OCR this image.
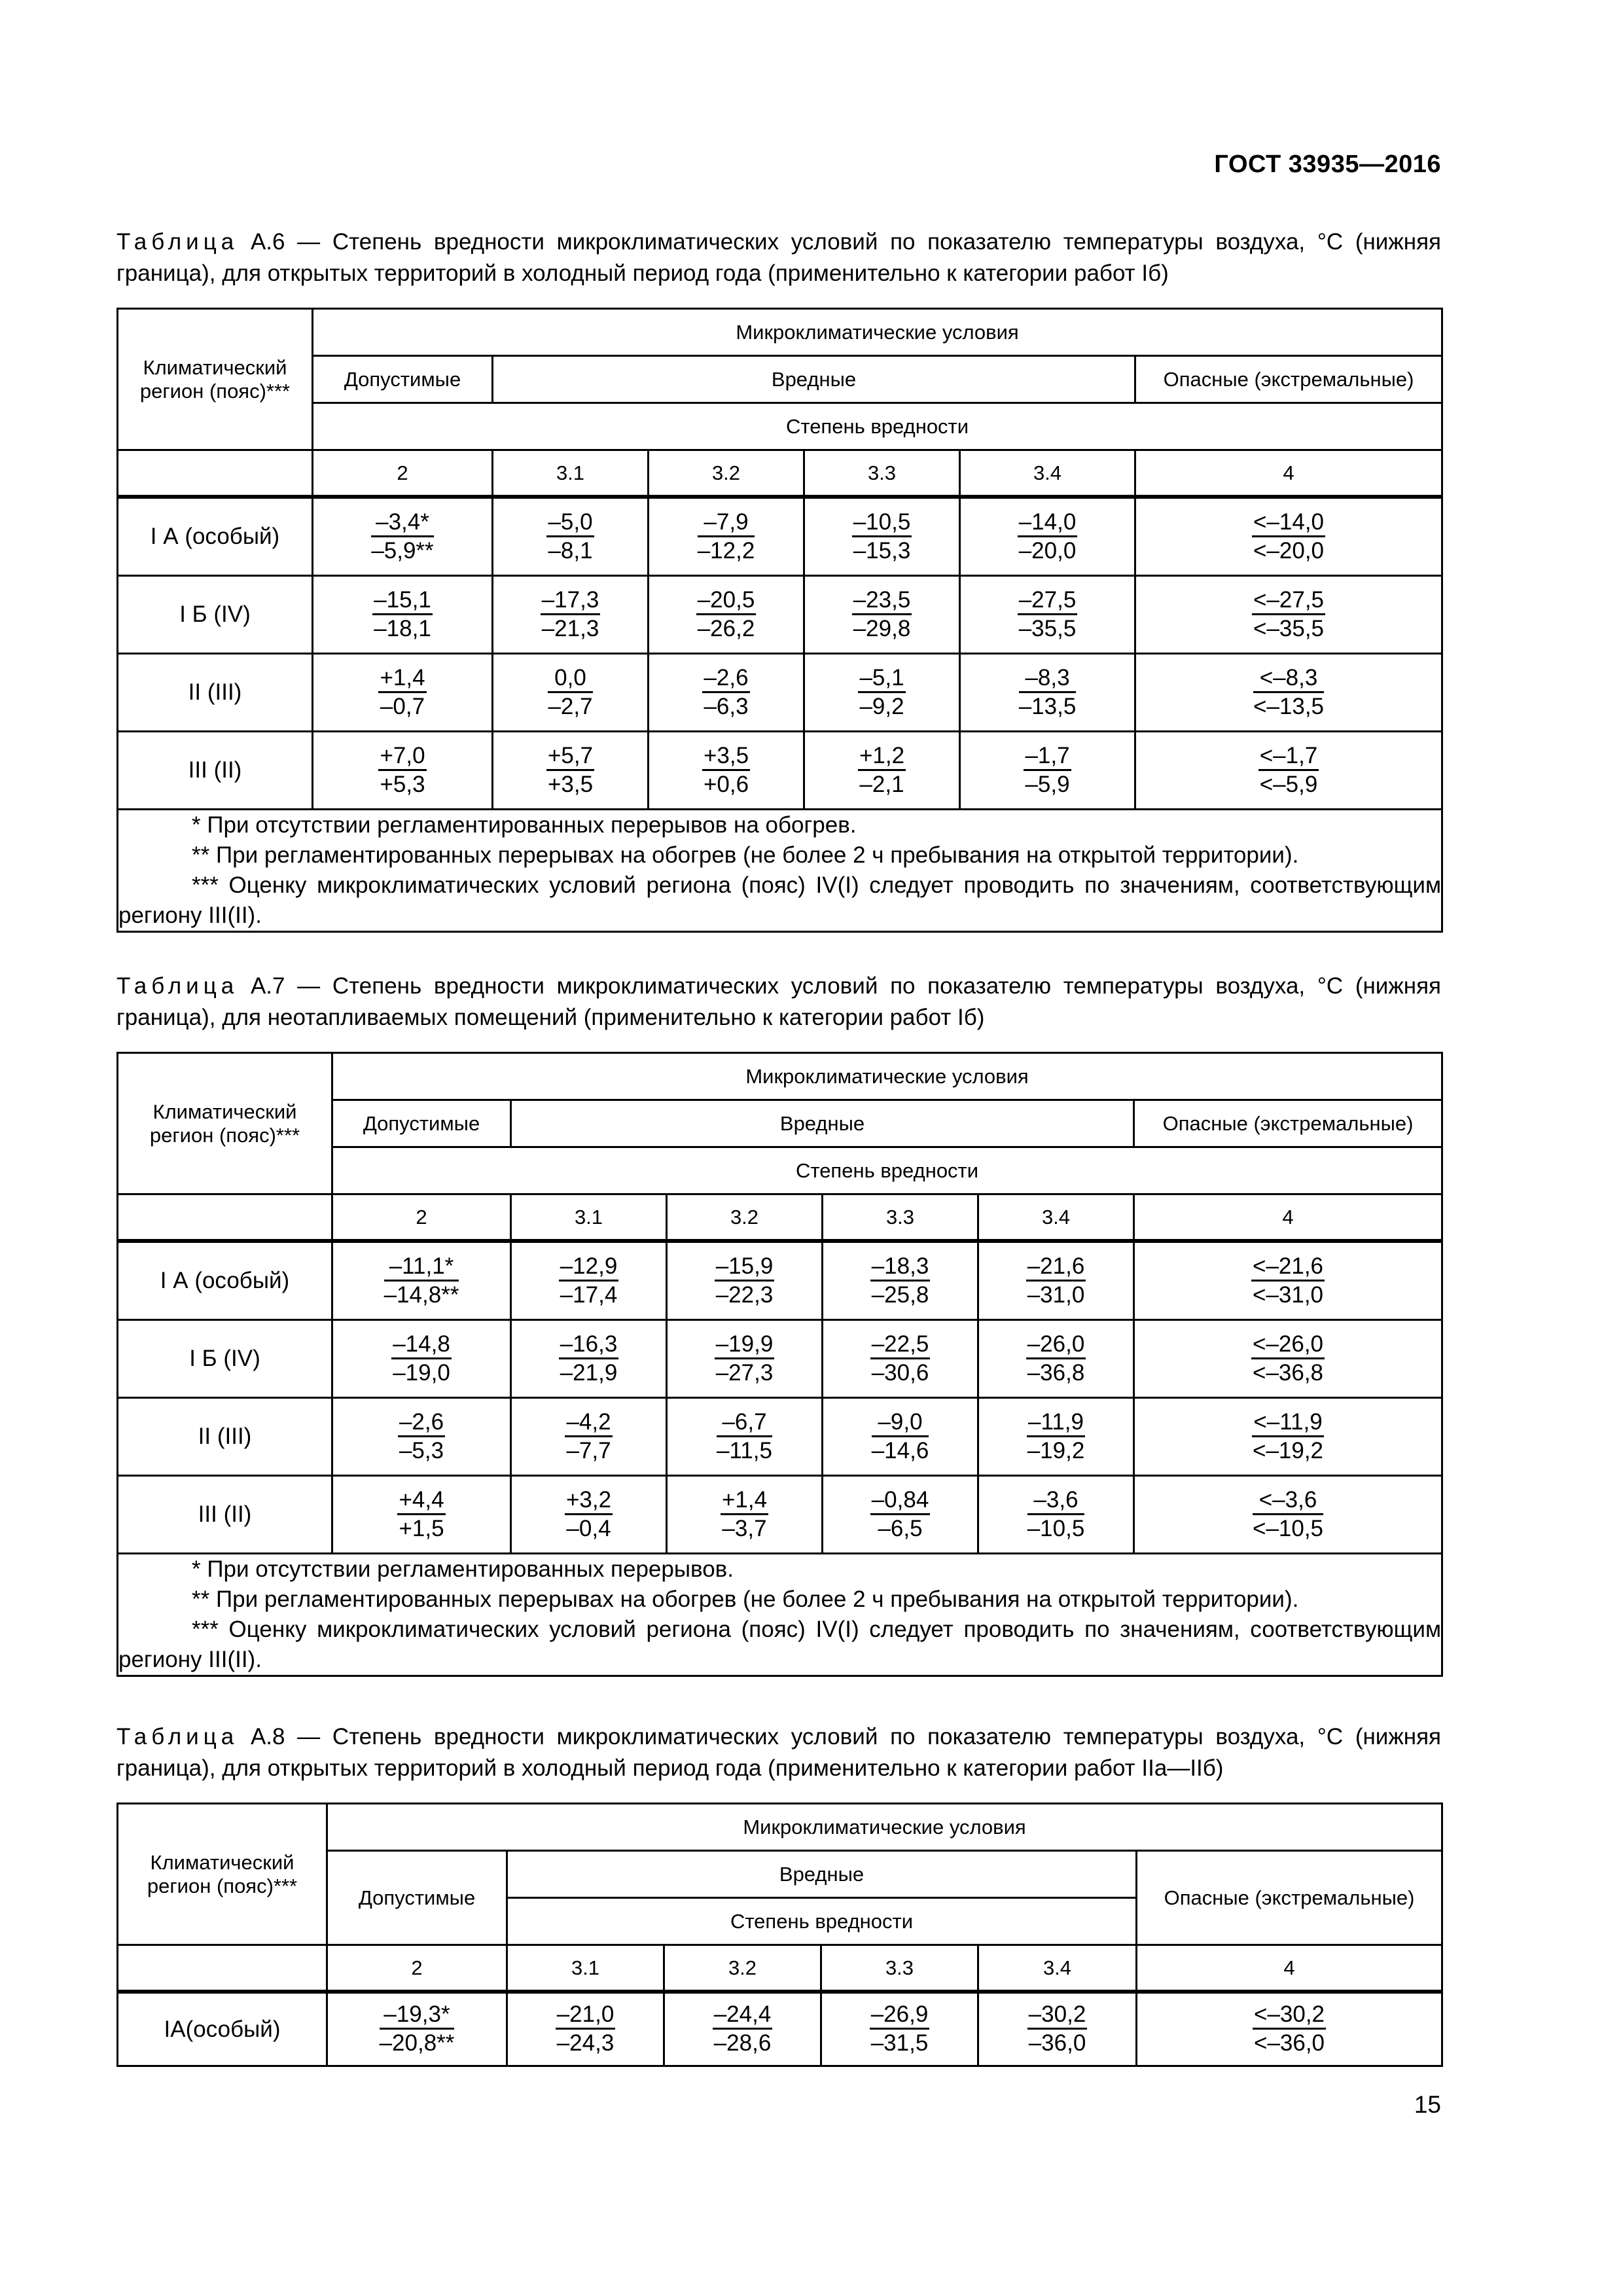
ГОСТ 33935—2016
Таблица А.6 — Степень вредности микроклиматических условий по показателю температуры воздуха, °C (нижняя граница), для открытых территорий в холодный период года (применительно к категории работ Iб)
Климатический регион (пояс)***	Микроклиматические условия					
	Допустимые	Вредные				Опасные (экстремальные)
	Степень вредности					
	2	3.1	3.2	3.3	3.4	4

I А (особый)	$\frac{-3,4*}{-5,9**}$	$\frac{-5,0}{-8,1}$	$\frac{-7,9}{-12,2}$	$\frac{-10,5}{-15,3}$	$\frac{-14,0}{-20,0}$	$\frac{<-14,0}{<-20,0}$

I Б (IV)	$\frac{-15,1}{-18,1}$	$\frac{-17,3}{-21,3}$	$\frac{-20,5}{-26,2}$	$\frac{-23,5}{-29,8}$	$\frac{-27,5}{-35,5}$	$\frac{<-27,5}{<-35,5}$

II (III)	$\frac{+1,4}{-0,7}$	$\frac{0,0}{-2,7}$	$\frac{-2,6}{-6,3}$	$\frac{-5,1}{-9,2}$	$\frac{-8,3}{-13,5}$	$\frac{<-8,3}{<-13,5}$

III (II)	$\frac{+7,0}{+5,3}$	$\frac{+5,7}{+3,5}$	$\frac{+3,5}{+0,6}$	$\frac{+1,2}{-2,1}$	$\frac{-1,7}{-5,9}$	$\frac{<-1,7}{<-5,9}$

* При отсутствии регламентированных перерывов на обогрев.

** При регламентированных перерывах на обогрев (не более 2 ч пребывания на открытой территории).

*** Оценку микроклиматических условий региона (пояс) IV(I) следует проводить по значениям, соответствующим региону III(II).						

Таблица А.7 — Степень вредности микроклиматических условий по показателю температуры воздуха, °C (нижняя граница), для неотапливаемых помещений (применительно к категории работ Iб)
Климатический регион (пояс)***	Микроклиматические условия					
	Допустимые	Вредные				Опасные (экстремальные)
	Степень вредности					
	2	3.1	3.2	3.3	3.4	4

I А (особый)	$\frac{-11,1*}{-14,8**}$	$\frac{-12,9}{-17,4}$	$\frac{-15,9}{-22,3}$	$\frac{-18,3}{-25,8}$	$\frac{-21,6}{-31,0}$	$\frac{<-21,6}{<-31,0}$

I Б (IV)	$\frac{-14,8}{-19,0}$	$\frac{-16,3}{-21,9}$	$\frac{-19,9}{-27,3}$	$\frac{-22,5}{-30,6}$	$\frac{-26,0}{-36,8}$	$\frac{<-26,0}{<-36,8}$

II (III)	$\frac{-2,6}{-5,3}$	$\frac{-4,2}{-7,7}$	$\frac{-6,7}{-11,5}$	$\frac{-9,0}{-14,6}$	$\frac{-11,9}{-19,2}$	$\frac{<-11,9}{<-19,2}$

III (II)	$\frac{+4,4}{+1,5}$	$\frac{+3,2}{-0,4}$	$\frac{+1,4}{-3,7}$	$\frac{-0,84}{-6,5}$	$\frac{-3,6}{-10,5}$	$\frac{<-3,6}{<-10,5}$

* При отсутствии регламентированных перерывов.

** При регламентированных перерывах на обогрев (не более 2 ч пребывания на открытой территории).

*** Оценку микроклиматических условий региона (пояс) IV(I) следует проводить по значениям, соответствующим региону III(II).						

Таблица А.8 — Степень вредности микроклиматических условий по показателю температуры воздуха, °C (нижняя граница), для открытых территорий в холодный период года (применительно к категории работ IIа—IIб)
Климатический регион (пояс)***	Микроклиматические условия					
	Допустимые	Вредные				Опасные (экстремальные)
		Степень вредности				
	2	3.1	3.2	3.3	3.4	4

IА(особый)	$\frac{-19,3*}{-20,8**}$	$\frac{-21,0}{-24,3}$	$\frac{-24,4}{-28,6}$	$\frac{-26,9}{-31,5}$	$\frac{-30,2}{-36,0}$	$\frac{<-30,2}{<-36,0}$
15
